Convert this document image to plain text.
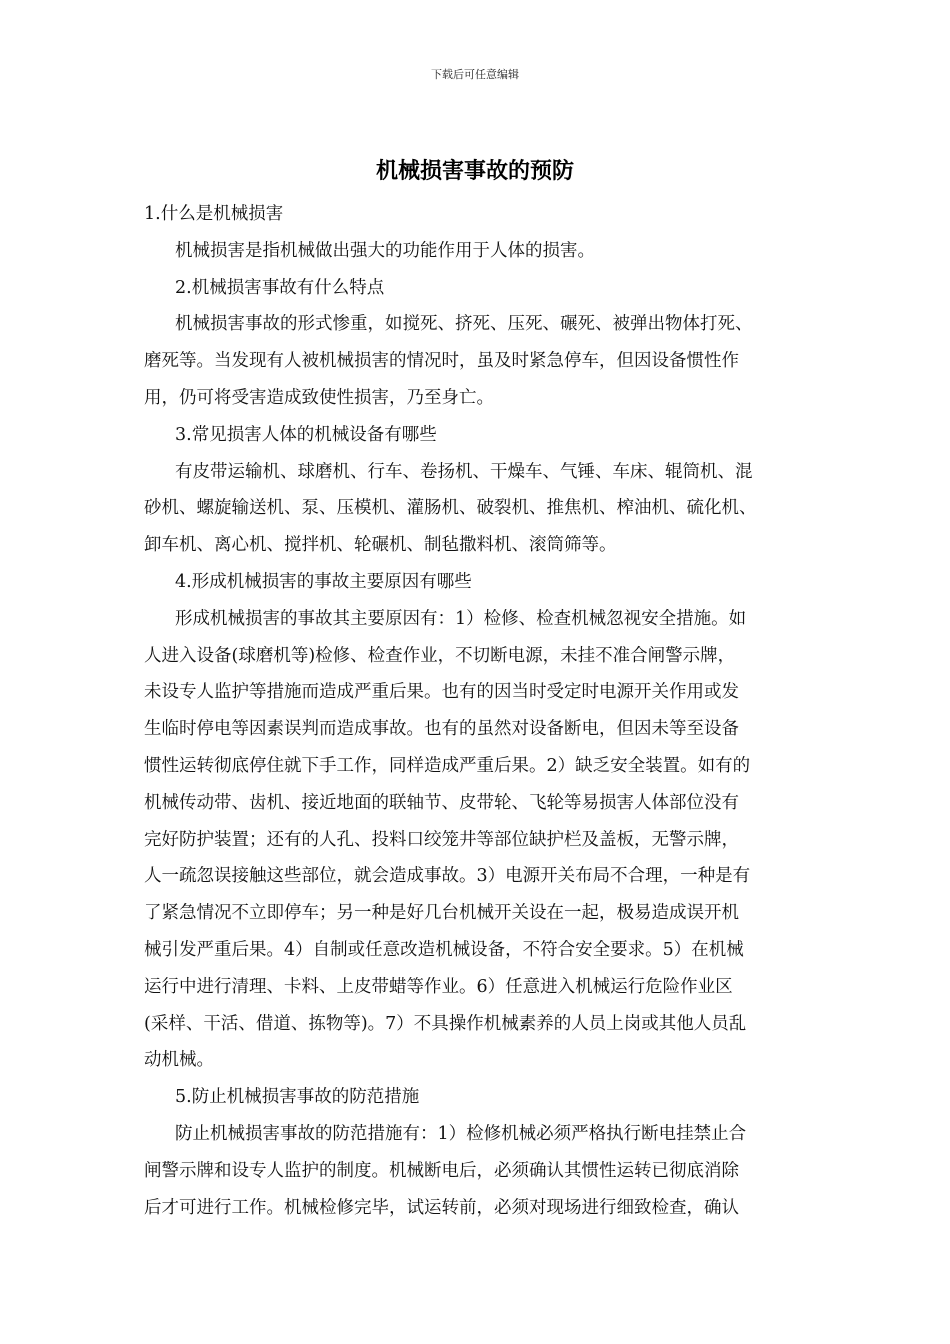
下载后可任意编辑
机械损害事故的预防
1.什么是机械损害
机械损害是指机械做出强大的功能作用于人体的损害。
2.机械损害事故有什么特点
机械损害事故的形式惨重，如搅死、挤死、压死、碾死、被弹出物体打死、
磨死等。当发现有人被机械损害的情况时，虽及时紧急停车，但因设备惯性作
用，仍可将受害造成致使性损害，乃至身亡。
3.常见损害人体的机械设备有哪些
有皮带运输机、球磨机、行车、卷扬机、干燥车、气锤、车床、辊筒机、混
砂机、螺旋输送机、泵、压模机、灌肠机、破裂机、推焦机、榨油机、硫化机、
卸车机、离心机、搅拌机、轮碾机、制毡撒料机、滚筒筛等。
4.形成机械损害的事故主要原因有哪些
形成机械损害的事故其主要原因有：1）检修、检查机械忽视安全措施。如
人进入设备(球磨机等)检修、检查作业，不切断电源，未挂不准合闸警示牌，
未设专人监护等措施而造成严重后果。也有的因当时受定时电源开关作用或发
生临时停电等因素误判而造成事故。也有的虽然对设备断电，但因未等至设备
惯性运转彻底停住就下手工作，同样造成严重后果。2）缺乏安全装置。如有的
机械传动带、齿机、接近地面的联轴节、皮带轮、飞轮等易损害人体部位没有
完好防护装置；还有的人孔、投料口绞笼井等部位缺护栏及盖板，无警示牌，
人一疏忽误接触这些部位，就会造成事故。3）电源开关布局不合理，一种是有
了紧急情况不立即停车；另一种是好几台机械开关设在一起，极易造成误开机
械引发严重后果。4）自制或任意改造机械设备，不符合安全要求。5）在机械
运行中进行清理、卡料、上皮带蜡等作业。6）任意进入机械运行危险作业区
(采样、干活、借道、拣物等)。7）不具操作机械素养的人员上岗或其他人员乱
动机械。
5.防止机械损害事故的防范措施
防止机械损害事故的防范措施有：1）检修机械必须严格执行断电挂禁止合
闸警示牌和设专人监护的制度。机械断电后，必须确认其惯性运转已彻底消除
后才可进行工作。机械检修完毕，试运转前，必须对现场进行细致检查，确认
